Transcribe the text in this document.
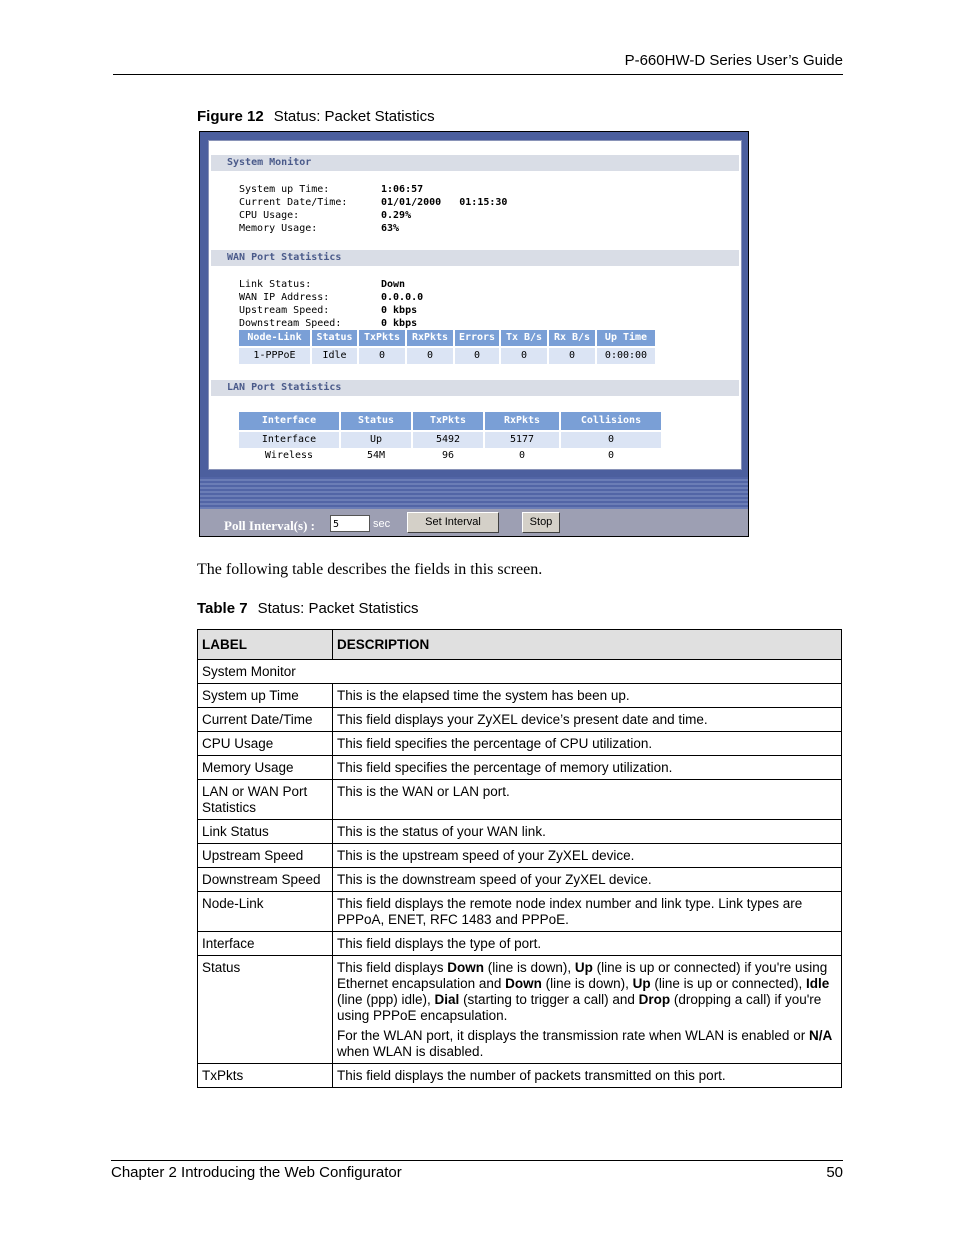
P-660HW-D Series User’s Guide
Figure 12 Status: Packet Statistics
System Monitor
System up Time:	1:06:57
Current Date/Time:	01/01/2000   01:15:30
CPU Usage:	0.29%
Memory Usage:	63%
WAN Port Statistics
Link Status:	Down
WAN IP Address:	0.0.0.0
Upstream Speed:	0 kbps
Downstream Speed:	0 kbps
Node-Link	Status	TxPkts	RxPkts	Errors	Tx B/s	Rx B/s	Up Time
1-PPPoE	Idle	0	0	0	0	0	0:00:00
LAN Port Statistics
Interface	Status	TxPkts	RxPkts	Collisions
Interface	Up	5492	5177	0
Wireless	54M	96	0	0
Poll Interval(s) :	5	sec	Set Interval	Stop
The following table describes the fields in this screen.
Table 7 Status: Packet Statistics
LABEL	DESCRIPTION
System Monitor	
System up Time	This is the elapsed time the system has been up.
Current Date/Time	This field displays your ZyXEL device’s present date and time.
CPU Usage	This field specifies the percentage of CPU utilization.
Memory Usage	This field specifies the percentage of memory utilization.
LAN or WAN Port Statistics	This is the WAN or LAN port.
Link Status	This is the status of your WAN link.
Upstream Speed	This is the upstream speed of your ZyXEL device.
Downstream Speed	This is the downstream speed of your ZyXEL device.
Node-Link	This field displays the remote node index number and link type. Link types are PPPoA, ENET, RFC 1483 and PPPoE.
Interface	This field displays the type of port.
Status	This field displays Down (line is down), Up (line is up or connected) if you're using Ethernet encapsulation and Down (line is down), Up (line is up or connected), Idle (line (ppp) idle), Dial (starting to trigger a call) and Drop (dropping a call) if you're using PPPoE encapsulation.

For the WLAN port, it displays the transmission rate when WLAN is enabled or N/A when WLAN is disabled.

TxPkts	This field displays the number of packets transmitted on this port.
Chapter 2 Introducing the Web Configurator	50
